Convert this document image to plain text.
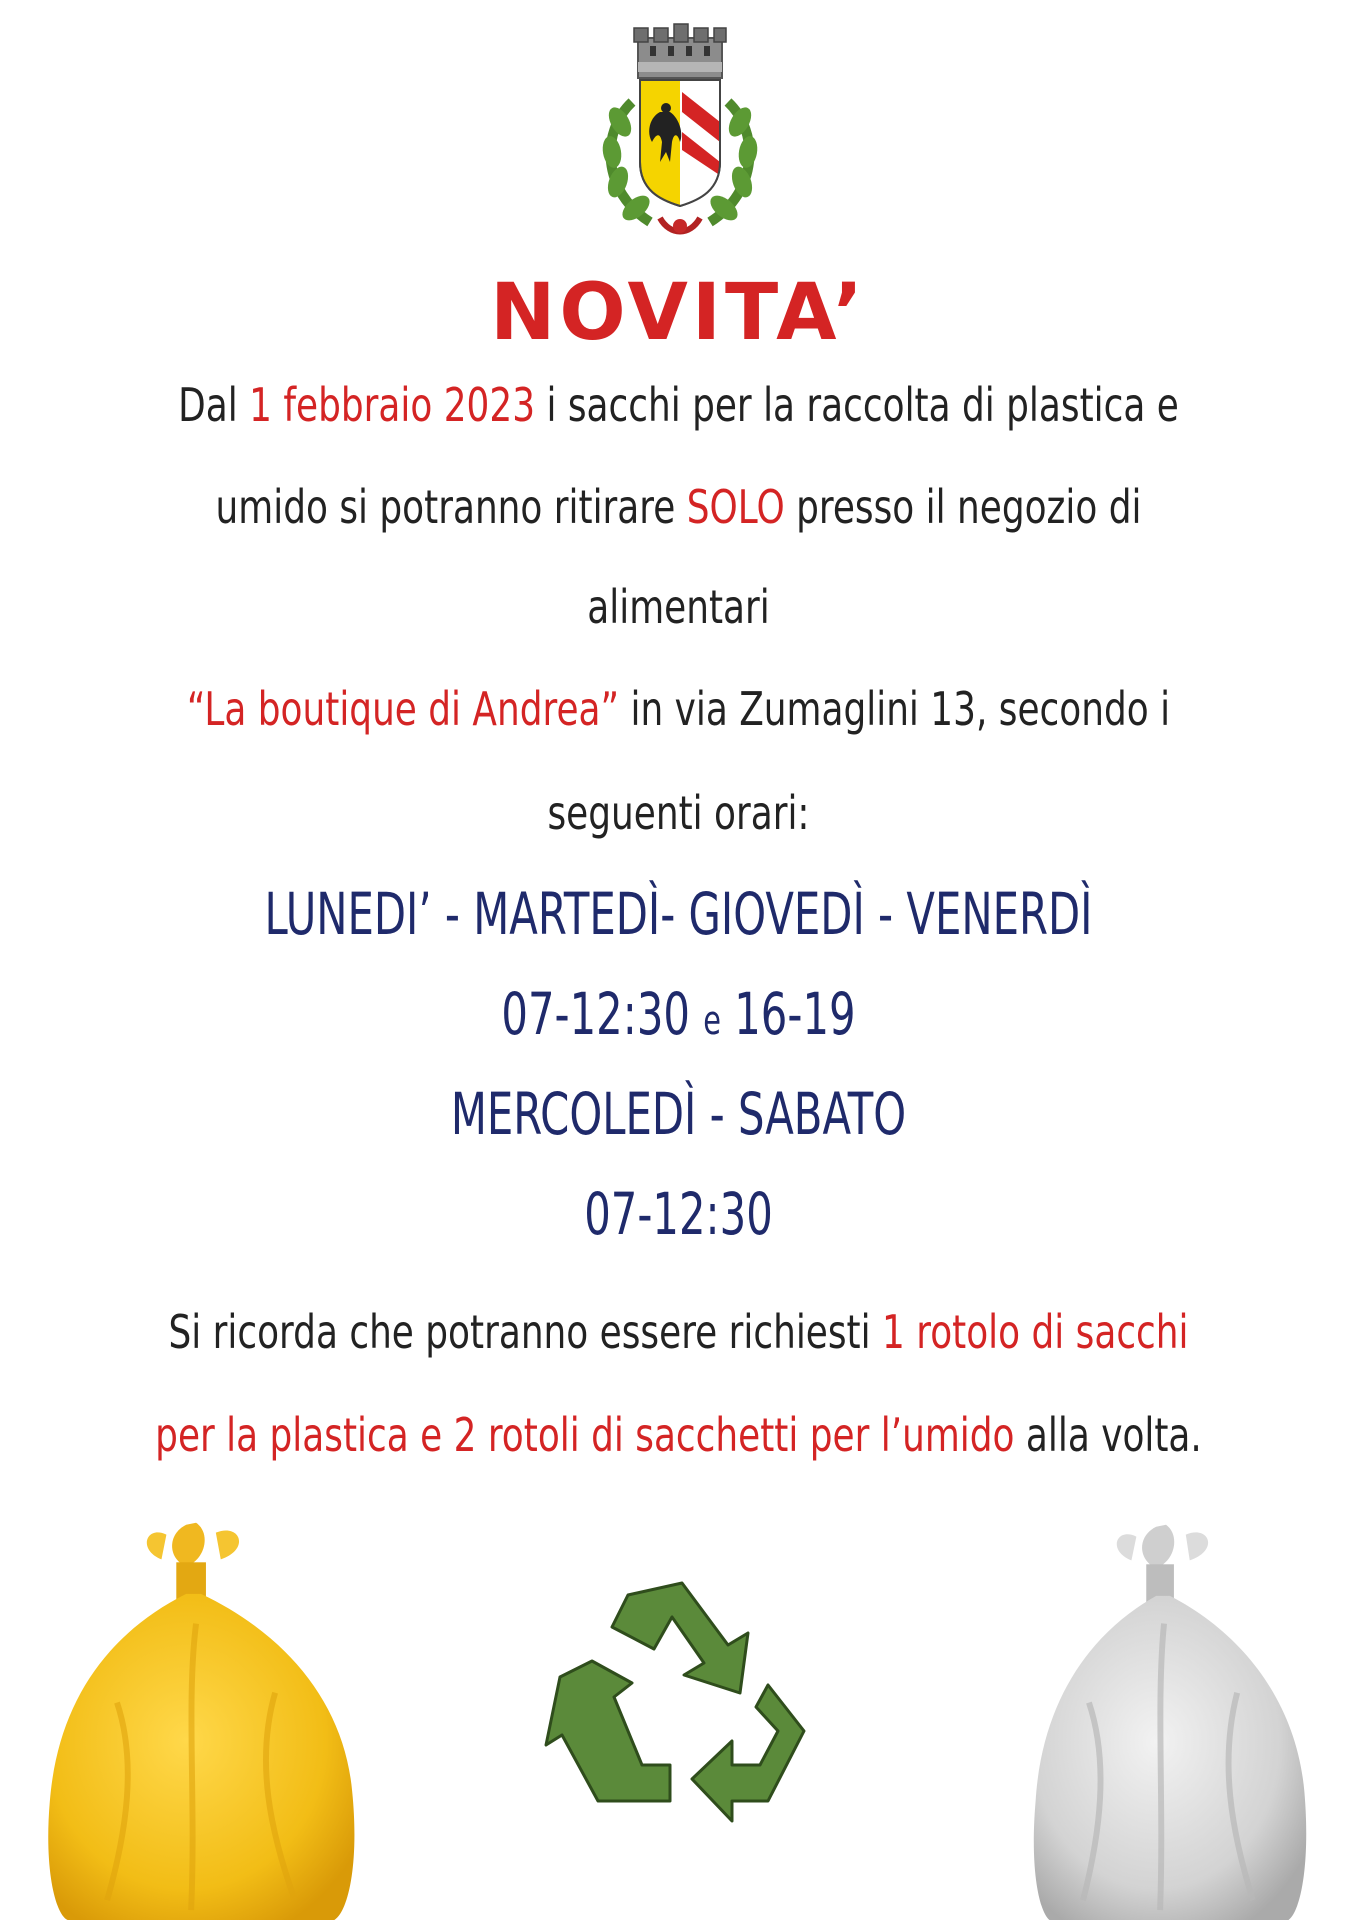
NOVITA’
Dal 1 febbraio 2023 i sacchi per la raccolta di plastica e
umido si potranno ritirare SOLO presso il negozio di
alimentari
“La boutique di Andrea” in via Zumaglini 13, secondo i
seguenti orari:
LUNEDI’ - MARTEDÌ- GIOVEDÌ - VENERDÌ
07-12:30 e 16-19
MERCOLEDÌ - SABATO
07-12:30
Si ricorda che potranno essere richiesti 1 rotolo di sacchi
per la plastica e 2 rotoli di sacchetti per l’umido alla volta.
